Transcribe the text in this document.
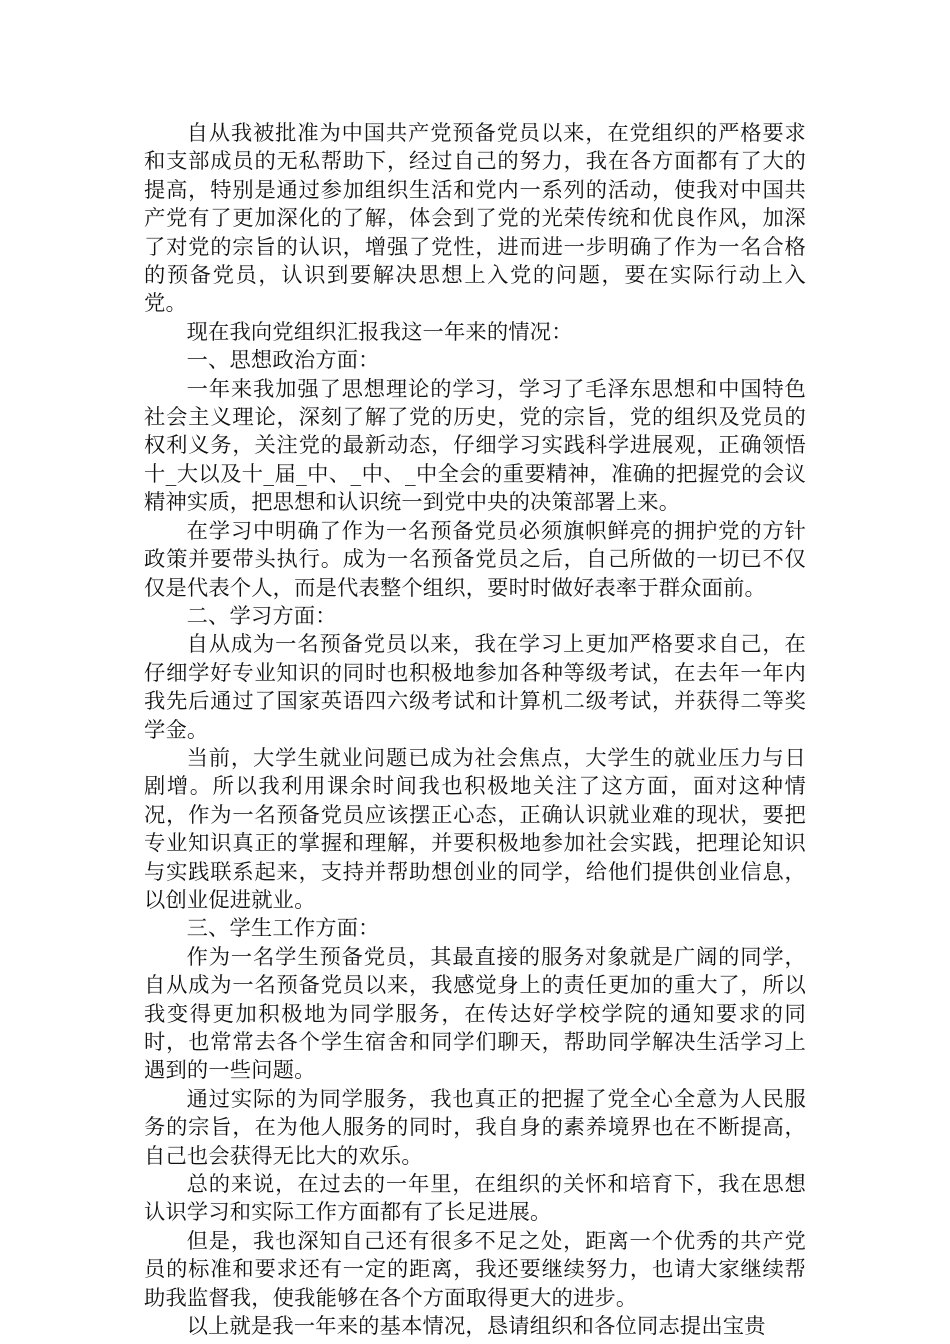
自从我被批准为中国共产党预备党员以来，在党组织的严格要求和支部成员的无私帮助下，经过自己的努力，我在各方面都有了大的提高，特别是通过参加组织生活和党内一系列的活动，使我对中国共产党有了更加深化的了解，体会到了党的光荣传统和优良作风，加深了对党的宗旨的认识，增强了党性，进而进一步明确了作为一名合格的预备党员，认识到要解决思想上入党的问题，要在实际行动上入党。

现在我向党组织汇报我这一年来的情况：

一、思想政治方面：

一年来我加强了思想理论的学习，学习了毛泽东思想和中国特色社会主义理论，深刻了解了党的历史，党的宗旨，党的组织及党员的权利义务，关注党的最新动态，仔细学习实践科学进展观，正确领悟十_大以及十_届_中、_中、_中全会的重要精神，准确的把握党的会议精神实质，把思想和认识统一到党中央的决策部署上来。

在学习中明确了作为一名预备党员必须旗帜鲜亮的拥护党的方针政策并要带头执行。成为一名预备党员之后，自己所做的一切已不仅仅是代表个人，而是代表整个组织，要时时做好表率于群众面前。

二、学习方面：

自从成为一名预备党员以来，我在学习上更加严格要求自己，在仔细学好专业知识的同时也积极地参加各种等级考试，在去年一年内我先后通过了国家英语四六级考试和计算机二级考试，并获得二等奖学金。

当前，大学生就业问题已成为社会焦点，大学生的就业压力与日剧增。所以我利用课余时间我也积极地关注了这方面，面对这种情况，作为一名预备党员应该摆正心态，正确认识就业难的现状，要把专业知识真正的掌握和理解，并要积极地参加社会实践，把理论知识与实践联系起来，支持并帮助想创业的同学，给他们提供创业信息，以创业促进就业。

三、学生工作方面：

作为一名学生预备党员，其最直接的服务对象就是广阔的同学，自从成为一名预备党员以来，我感觉身上的责任更加的重大了，所以我变得更加积极地为同学服务，在传达好学校学院的通知要求的同时，也常常去各个学生宿舍和同学们聊天，帮助同学解决生活学习上遇到的一些问题。

通过实际的为同学服务，我也真正的把握了党全心全意为人民服务的宗旨，在为他人服务的同时，我自身的素养境界也在不断提高，自己也会获得无比大的欢乐。

总的来说，在过去的一年里，在组织的关怀和培育下，我在思想认识学习和实际工作方面都有了长足进展。

但是，我也深知自己还有很多不足之处，距离一个优秀的共产党员的标准和要求还有一定的距离，我还要继续努力，也请大家继续帮助我监督我，使我能够在各个方面取得更大的进步。

以上就是我一年来的基本情况，恳请组织和各位同志提出宝贵
